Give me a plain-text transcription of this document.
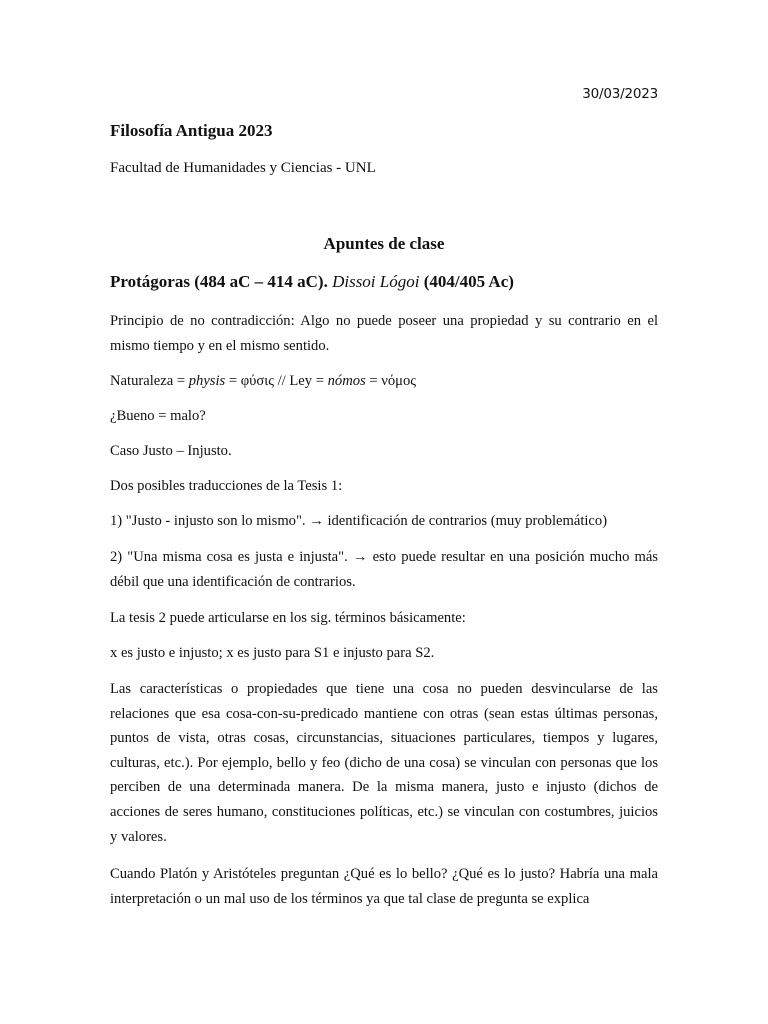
30/03/2023
Filosofía Antigua 2023

Facultad de Humanidades y Ciencias - UNL

Apuntes de clase
Protágoras (484 aC – 414 aC). Dissoi Lógoi (404/405 Ac)

Principio de no contradicción: Algo no puede poseer una propiedad y su contrario en el mismo tiempo y en el mismo sentido.

Naturaleza = physis = φύσις // Ley = nómos = νόμος

¿Bueno = malo?

Caso Justo – Injusto.

Dos posibles traducciones de la Tesis 1:

1) "Justo - injusto son lo mismo". → identificación de contrarios (muy problemático)

2) "Una misma cosa es justa e injusta". → esto puede resultar en una posición mucho más débil que una identificación de contrarios.

La tesis 2 puede articularse en los sig. términos básicamente:

x es justo e injusto; x es justo para S1 e injusto para S2.

Las características o propiedades que tiene una cosa no pueden desvincularse de las relaciones que esa cosa-con-su-predicado mantiene con otras (sean estas últimas personas, puntos de vista, otras cosas, circunstancias, situaciones particulares, tiempos y lugares, culturas, etc.). Por ejemplo, bello y feo (dicho de una cosa) se vinculan con personas que los perciben de una determinada manera. De la misma manera, justo e injusto (dichos de acciones de seres humano, constituciones políticas, etc.) se vinculan con costumbres, juicios y valores.

Cuando Platón y Aristóteles preguntan ¿Qué es lo bello? ¿Qué es lo justo? Habría una mala interpretación o un mal uso de los términos ya que tal clase de pregunta se explica
